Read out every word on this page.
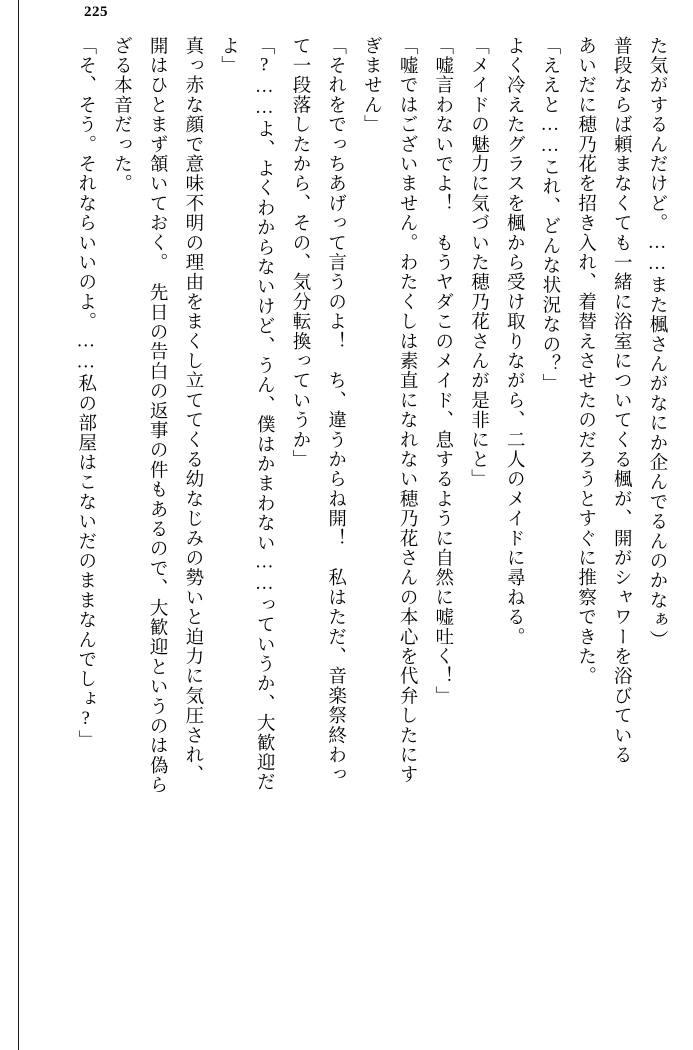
225

た気がするんだけど。……また楓さんがなにか企んでるんのかなぁ）

普段ならば頼まなくても一緒に浴室についてくる楓が、開がシャワーを浴びている

あいだに穂乃花を招き入れ、着替えさせたのだろうとすぐに推察できた。

「ええと……これ、どんな状況なの？」

よく冷えたグラスを楓から受け取りながら、二人のメイドに尋ねる。

「メイドの魅力に気づいた穂乃花さんが是非にと」

「嘘言わないでよ！　もうヤダこのメイド、息するように自然に嘘吐く！」

「嘘ではございません。わたくしは素直になれない穂乃花さんの本心を代弁したにす

ぎません」

「それをでっちあげって言うのよ！　ち、違うからね開！　私はただ、音楽祭終わっ

て一段落したから、その、気分転換っていうか」

「?……よ、よくわからないけど、うん、僕はかまわない……っていうか、大歓迎だ

よ」

真っ赤な顔で意味不明の理由をまくし立ててくる幼なじみの勢いと迫力に気圧され、

開はひとまず頷いておく。　先日の告白の返事の件もあるので、大歓迎というのは偽ら

ざる本音だった。

「そ、そう。それならいいのよ。……私の部屋はこないだのままなんでしょ?」
